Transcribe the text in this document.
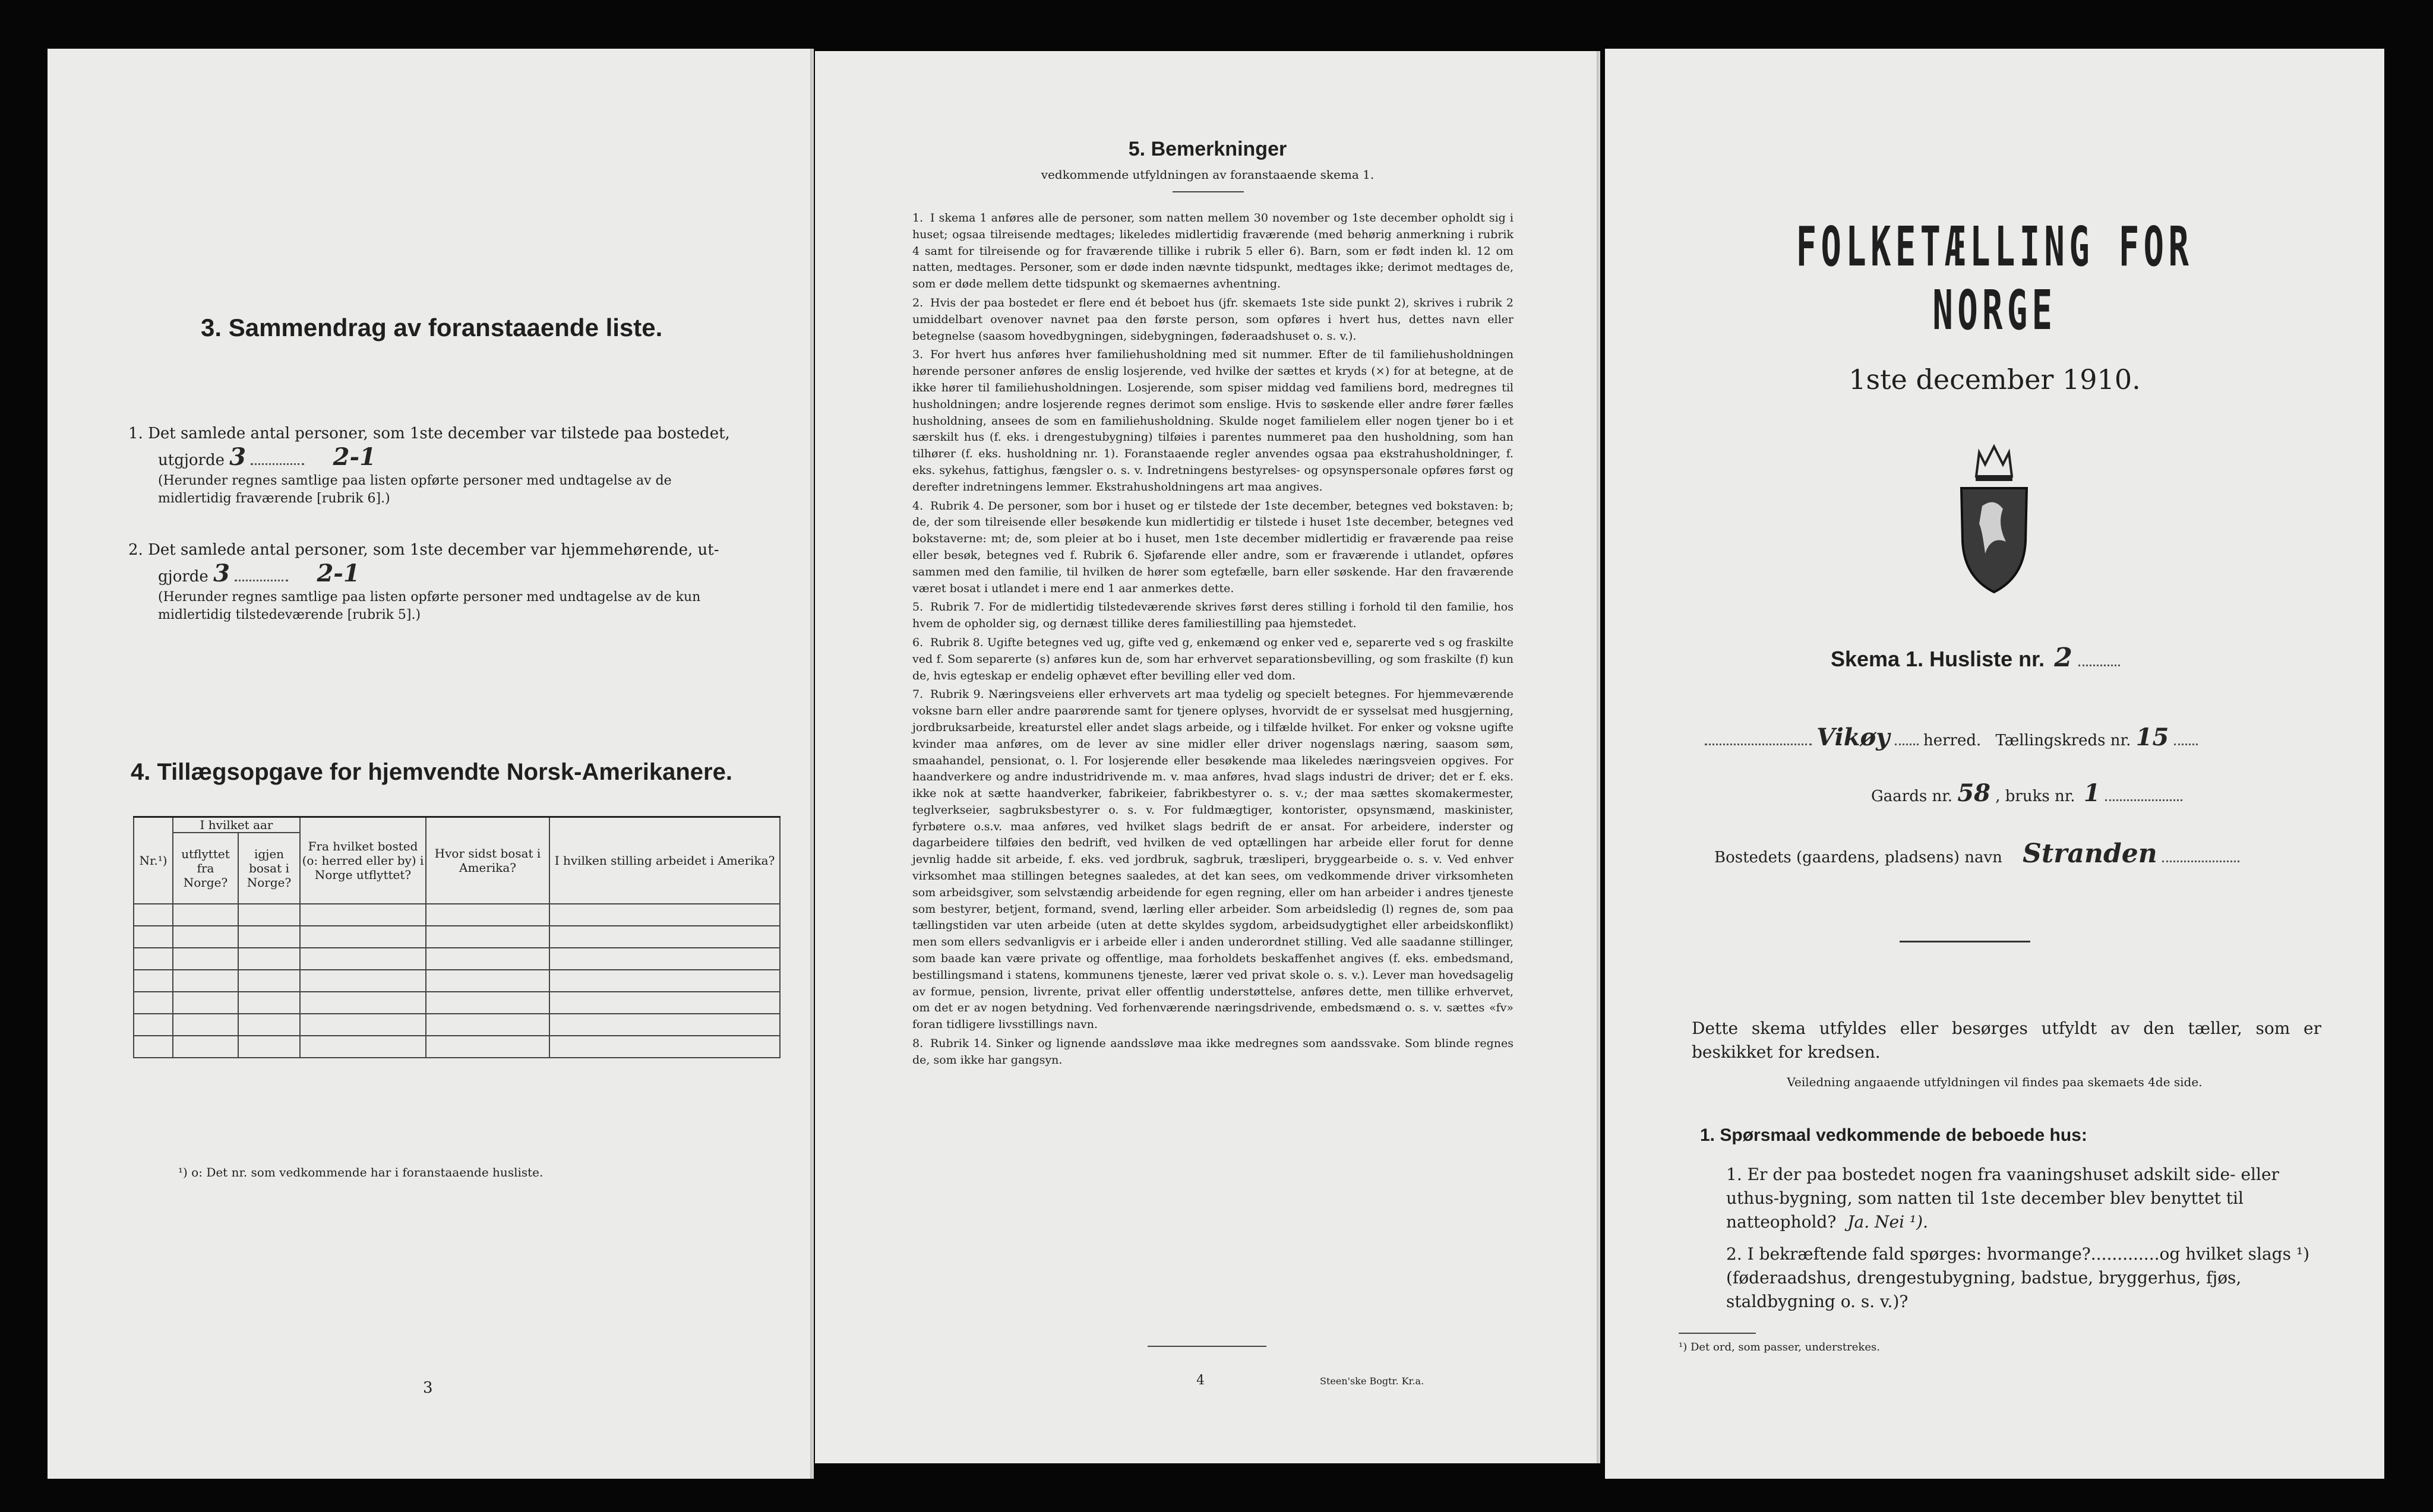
3. Sammendrag av foranstaaende liste.
1. Det samlede antal personer, som 1ste december var tilstede paa bostedet,
utgjorde 3	2-1
(Herunder regnes samtlige paa listen opførte personer med undtagelse av de midlertidig fraværende [rubrik 6].)
2. Det samlede antal personer, som 1ste december var hjemmehørende, ut-
gjorde 3	2-1
(Herunder regnes samtlige paa listen opførte personer med undtagelse av de kun midlertidig tilstedeværende [rubrik 5].)
4. Tillægsopgave for hjemvendte Norsk-Amerikanere.
Nr.¹)	I hvilket aar		Fra hvilket bosted (o: herred eller by) i Norge utflyttet?	Hvor sidst bosat i Amerika?	I hvilken stilling arbeidet i Amerika?
	utflyttet fra Norge?	igjen bosat i Norge?			

¹) o: Det nr. som vedkommende har i foranstaaende husliste.
3
5. Bemerkninger
vedkommende utfyldningen av foranstaaende skema 1.

1. I skema 1 anføres alle de personer, som natten mellem 30 november og 1ste december opholdt sig i huset; ogsaa tilreisende medtages; likeledes midlertidig fraværende (med behørig anmerkning i rubrik 4 samt for tilreisende og for fraværende tillike i rubrik 5 eller 6). Barn, som er født inden kl. 12 om natten, medtages. Personer, som er døde inden nævnte tidspunkt, medtages ikke; derimot medtages de, som er døde mellem dette tidspunkt og skemaernes avhentning.

2. Hvis der paa bostedet er flere end ét beboet hus (jfr. skemaets 1ste side punkt 2), skrives i rubrik 2 umiddelbart ovenover navnet paa den første person, som opføres i hvert hus, dettes navn eller betegnelse (saasom hovedbygningen, sidebygningen, føderaadshuset o. s. v.).

3. For hvert hus anføres hver familiehusholdning med sit nummer. Efter de til familiehusholdningen hørende personer anføres de enslig losjerende, ved hvilke der sættes et kryds (×) for at betegne, at de ikke hører til familiehusholdningen. Losjerende, som spiser middag ved familiens bord, medregnes til husholdningen; andre losjerende regnes derimot som enslige. Hvis to søskende eller andre fører fælles husholdning, ansees de som en familiehusholdning. Skulde noget familielem eller nogen tjener bo i et særskilt hus (f. eks. i drengestubygning) tilføies i parentes nummeret paa den husholdning, som han tilhører (f. eks. husholdning nr. 1). Foranstaaende regler anvendes ogsaa paa ekstrahusholdninger, f. eks. sykehus, fattighus, fængsler o. s. v. Indretningens bestyrelses- og opsynspersonale opføres først og derefter indretningens lemmer. Ekstrahusholdningens art maa angives.

4. Rubrik 4. De personer, som bor i huset og er tilstede der 1ste december, betegnes ved bokstaven: b; de, der som tilreisende eller besøkende kun midlertidig er tilstede i huset 1ste december, betegnes ved bokstaverne: mt; de, som pleier at bo i huset, men 1ste december midlertidig er fraværende paa reise eller besøk, betegnes ved f. Rubrik 6. Sjøfarende eller andre, som er fraværende i utlandet, opføres sammen med den familie, til hvilken de hører som egtefælle, barn eller søskende. Har den fraværende været bosat i utlandet i mere end 1 aar anmerkes dette.

5. Rubrik 7. For de midlertidig tilstedeværende skrives først deres stilling i forhold til den familie, hos hvem de opholder sig, og dernæst tillike deres familiestilling paa hjemstedet.

6. Rubrik 8. Ugifte betegnes ved ug, gifte ved g, enkemænd og enker ved e, separerte ved s og fraskilte ved f. Som separerte (s) anføres kun de, som har erhvervet separationsbevilling, og som fraskilte (f) kun de, hvis egteskap er endelig ophævet efter bevilling eller ved dom.

7. Rubrik 9. Næringsveiens eller erhvervets art maa tydelig og specielt betegnes. For hjemmeværende voksne barn eller andre paarørende samt for tjenere oplyses, hvorvidt de er sysselsat med husgjerning, jordbruksarbeide, kreaturstel eller andet slags arbeide, og i tilfælde hvilket. For enker og voksne ugifte kvinder maa anføres, om de lever av sine midler eller driver nogenslags næring, saasom søm, smaahandel, pensionat, o. l. For losjerende eller besøkende maa likeledes næringsveien opgives. For haandverkere og andre industridrivende m. v. maa anføres, hvad slags industri de driver; det er f. eks. ikke nok at sætte haandverker, fabrikeier, fabrikbestyrer o. s. v.; der maa sættes skomakermester, teglverkseier, sagbruksbestyrer o. s. v. For fuldmægtiger, kontorister, opsynsmænd, maskinister, fyrbøtere o.s.v. maa anføres, ved hvilket slags bedrift de er ansat. For arbeidere, inderster og dagarbeidere tilføies den bedrift, ved hvilken de ved optællingen har arbeide eller forut for denne jevnlig hadde sit arbeide, f. eks. ved jordbruk, sagbruk, træsliperi, bryggearbeide o. s. v. Ved enhver virksomhet maa stillingen betegnes saaledes, at det kan sees, om vedkommende driver virksomheten som arbeidsgiver, som selvstændig arbeidende for egen regning, eller om han arbeider i andres tjeneste som bestyrer, betjent, formand, svend, lærling eller arbeider. Som arbeidsledig (l) regnes de, som paa tællingstiden var uten arbeide (uten at dette skyldes sygdom, arbeidsudygtighet eller arbeidskonflikt) men som ellers sedvanligvis er i arbeide eller i anden underordnet stilling. Ved alle saadanne stillinger, som baade kan være private og offentlige, maa forholdets beskaffenhet angives (f. eks. embedsmand, bestillingsmand i statens, kommunens tjeneste, lærer ved privat skole o. s. v.). Lever man hovedsagelig av formue, pension, livrente, privat eller offentlig understøttelse, anføres dette, men tillike erhvervet, om det er av nogen betydning. Ved forhenværende næringsdrivende, embedsmænd o. s. v. sættes «fv» foran tidligere livsstillings navn.

8. Rubrik 14. Sinker og lignende aandssløve maa ikke medregnes som aandssvake. Som blinde regnes de, som ikke har gangsyn.

4	Steen'ske Bogtr. Kr.a.
FOLKETÆLLING FOR NORGE
1ste december 1910.
Skema 1. Husliste nr. 2
Vikøy herred. Tællingskreds nr. 15
Gaards nr. 58 , bruks nr. 1
Bostedets (gaardens, pladsens) navn Stranden
Dette skema utfyldes eller besørges utfyldt av den tæller, som er beskikket for kredsen.
Veiledning angaaende utfyldningen vil findes paa skemaets 4de side.
1. Spørsmaal vedkommende de beboede hus:
1. Er der paa bostedet nogen fra vaaningshuset adskilt side- eller uthus-bygning, som natten til 1ste december blev benyttet til natteophold? Ja. Nei ¹).
2. I bekræftende fald spørges: hvormange?.............og hvilket slags ¹) (føderaadshus, drengestubygning, badstue, bryggerhus, fjøs, staldbygning o. s. v.)?
¹) Det ord, som passer, understrekes.
